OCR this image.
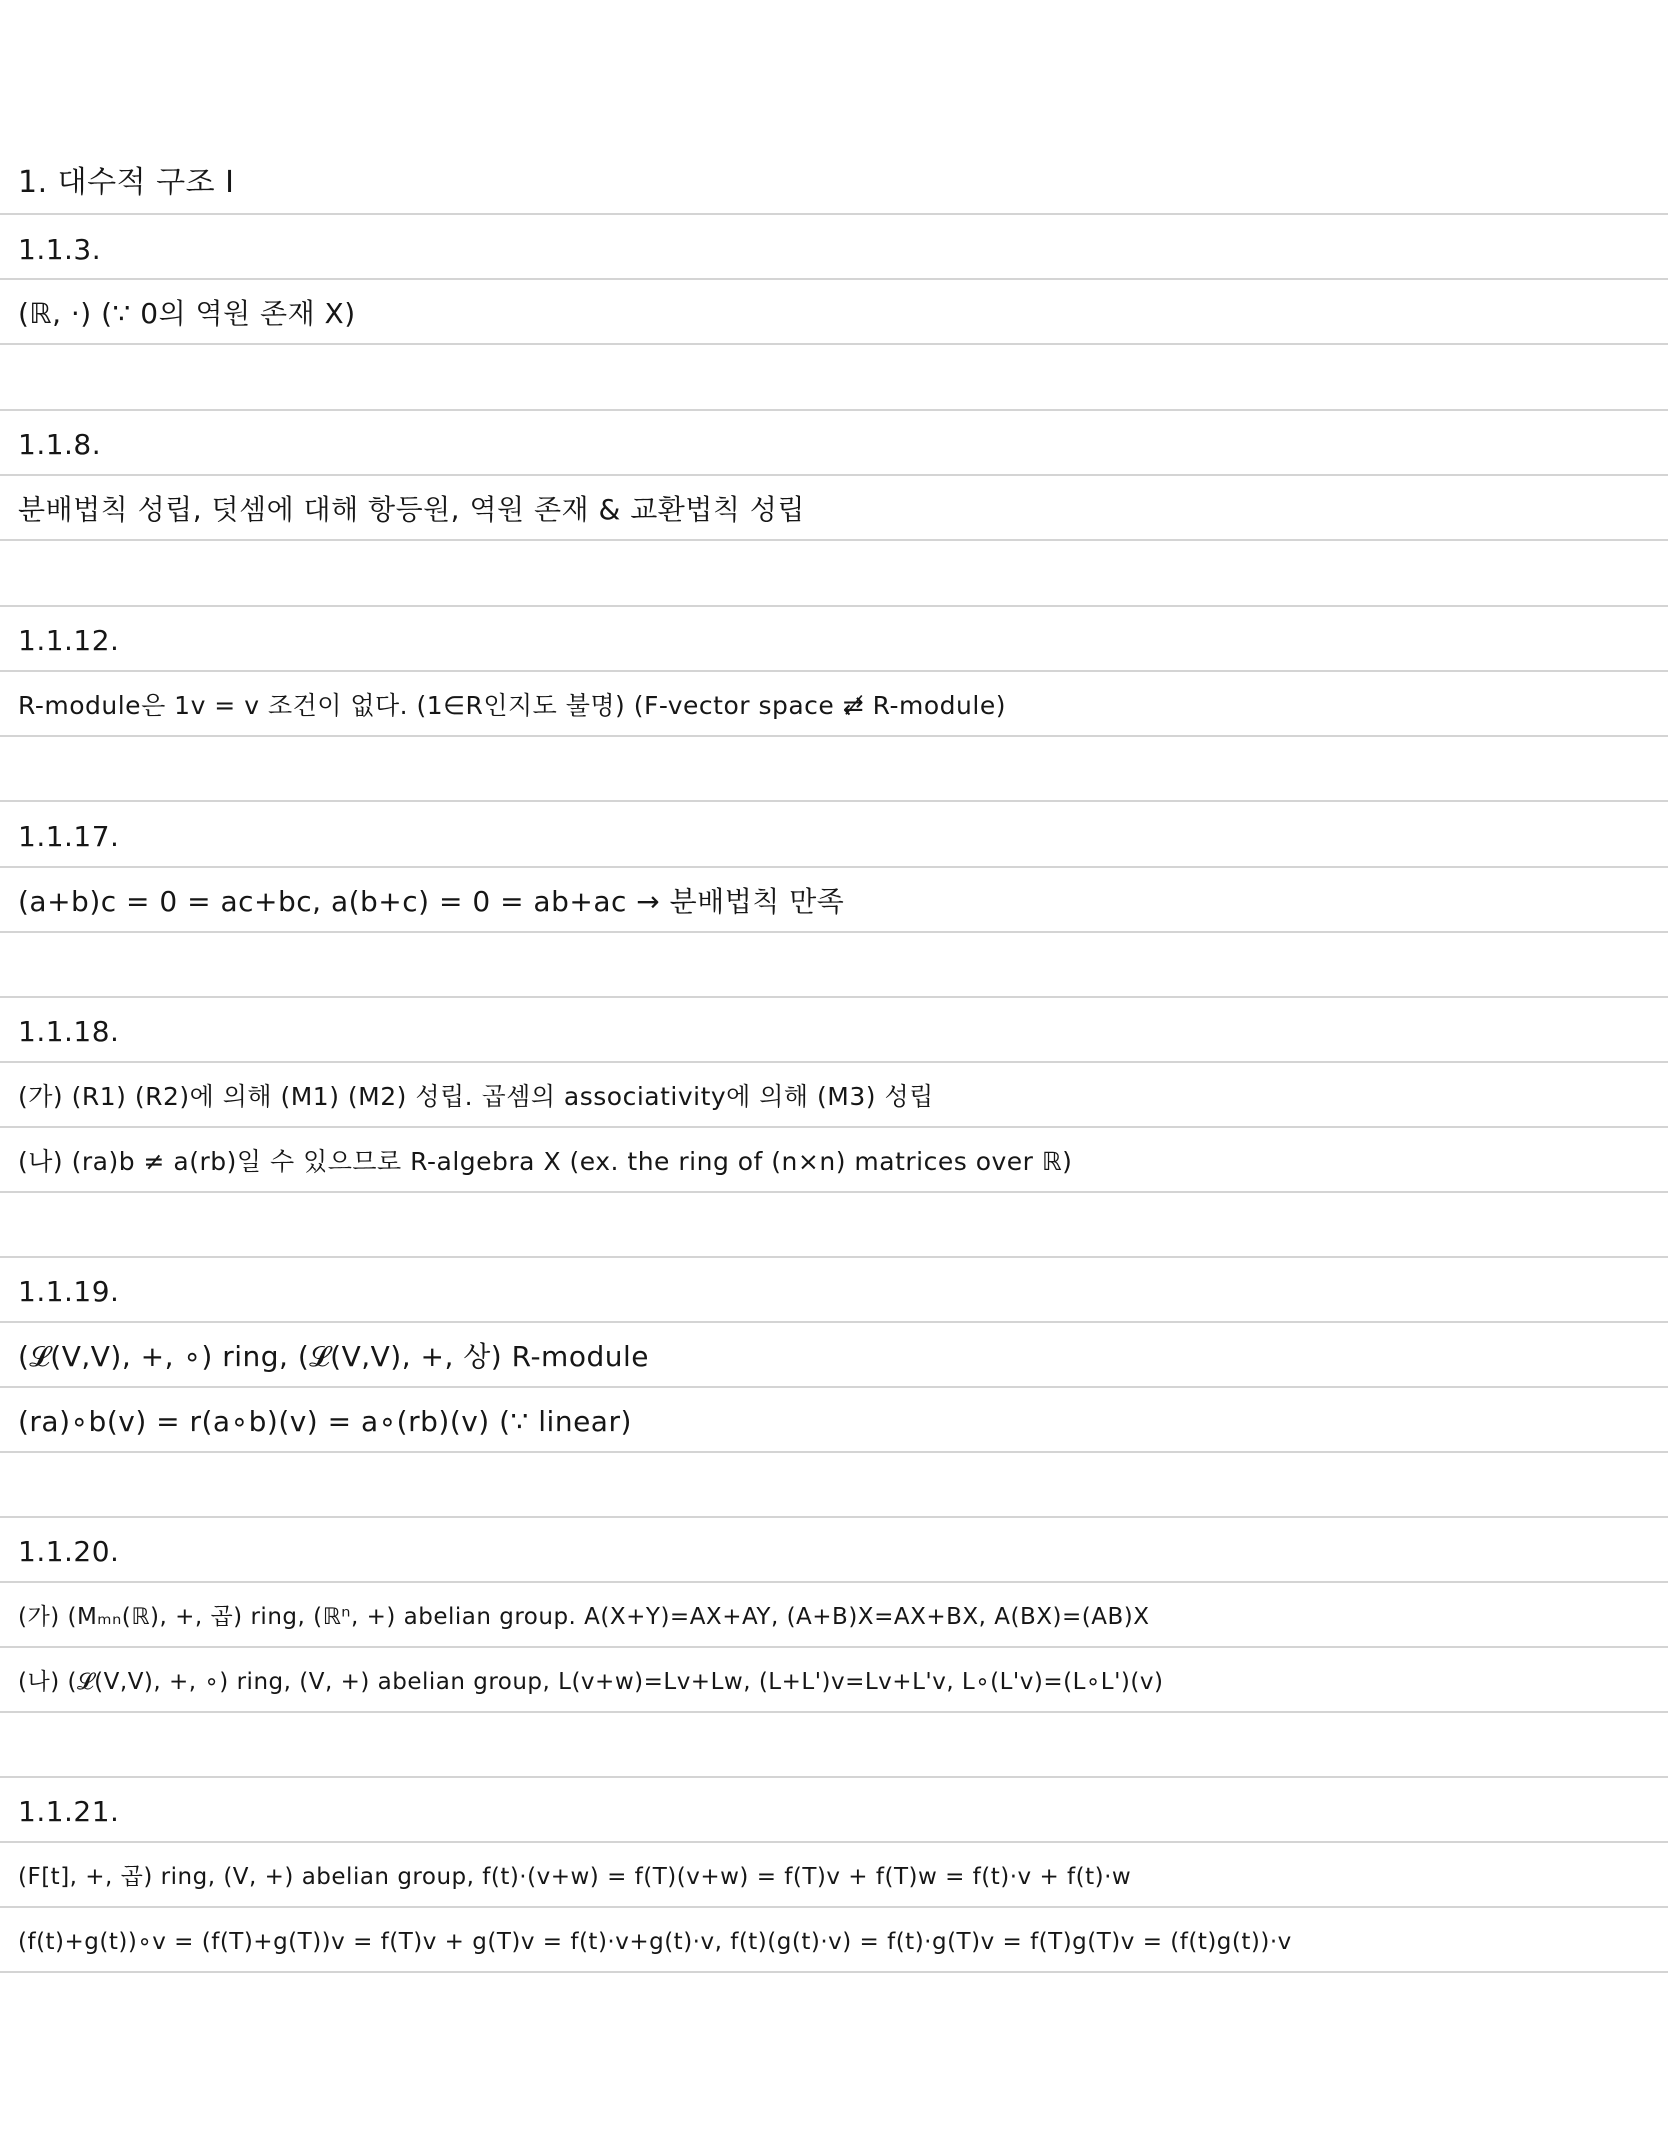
1. 대수적 구조 I
1.1.3.
(ℝ, ·) (∵ 0의 역원 존재 X)
1.1.8.
분배법칙 성립, 덧셈에 대해 항등원, 역원 존재 & 교환법칙 성립
1.1.12.
R-module은 1v = v 조건이 없다. (1∈R인지도 불명) (F-vector space ⇄̸ R-module)
1.1.17.
(a+b)c = 0 = ac+bc, a(b+c) = 0 = ab+ac → 분배법칙 만족
1.1.18.
(가) (R1) (R2)에 의해 (M1) (M2) 성립. 곱셈의 associativity에 의해 (M3) 성립
(나) (ra)b ≠ a(rb)일 수 있으므로 R-algebra X (ex. the ring of (n×n) matrices over ℝ)
1.1.19.
(𝓛(V,V), +, ∘) ring, (𝓛(V,V), +, 상) R-module
(ra)∘b(v) = r(a∘b)(v) = a∘(rb)(v) (∵ linear)
1.1.20.
(가) (Mₘₙ(ℝ), +, 곱) ring, (ℝⁿ, +) abelian group. A(X+Y)=AX+AY, (A+B)X=AX+BX, A(BX)=(AB)X
(나) (𝓛(V,V), +, ∘) ring, (V, +) abelian group, L(v+w)=Lv+Lw, (L+L')v=Lv+L'v, L∘(L'v)=(L∘L')(v)
1.1.21.
(F[t], +, 곱) ring, (V, +) abelian group, f(t)·(v+w) = f(T)(v+w) = f(T)v + f(T)w = f(t)·v + f(t)·w
(f(t)+g(t))∘v = (f(T)+g(T))v = f(T)v + g(T)v = f(t)·v+g(t)·v, f(t)(g(t)·v) = f(t)·g(T)v = f(T)g(T)v = (f(t)g(t))·v
